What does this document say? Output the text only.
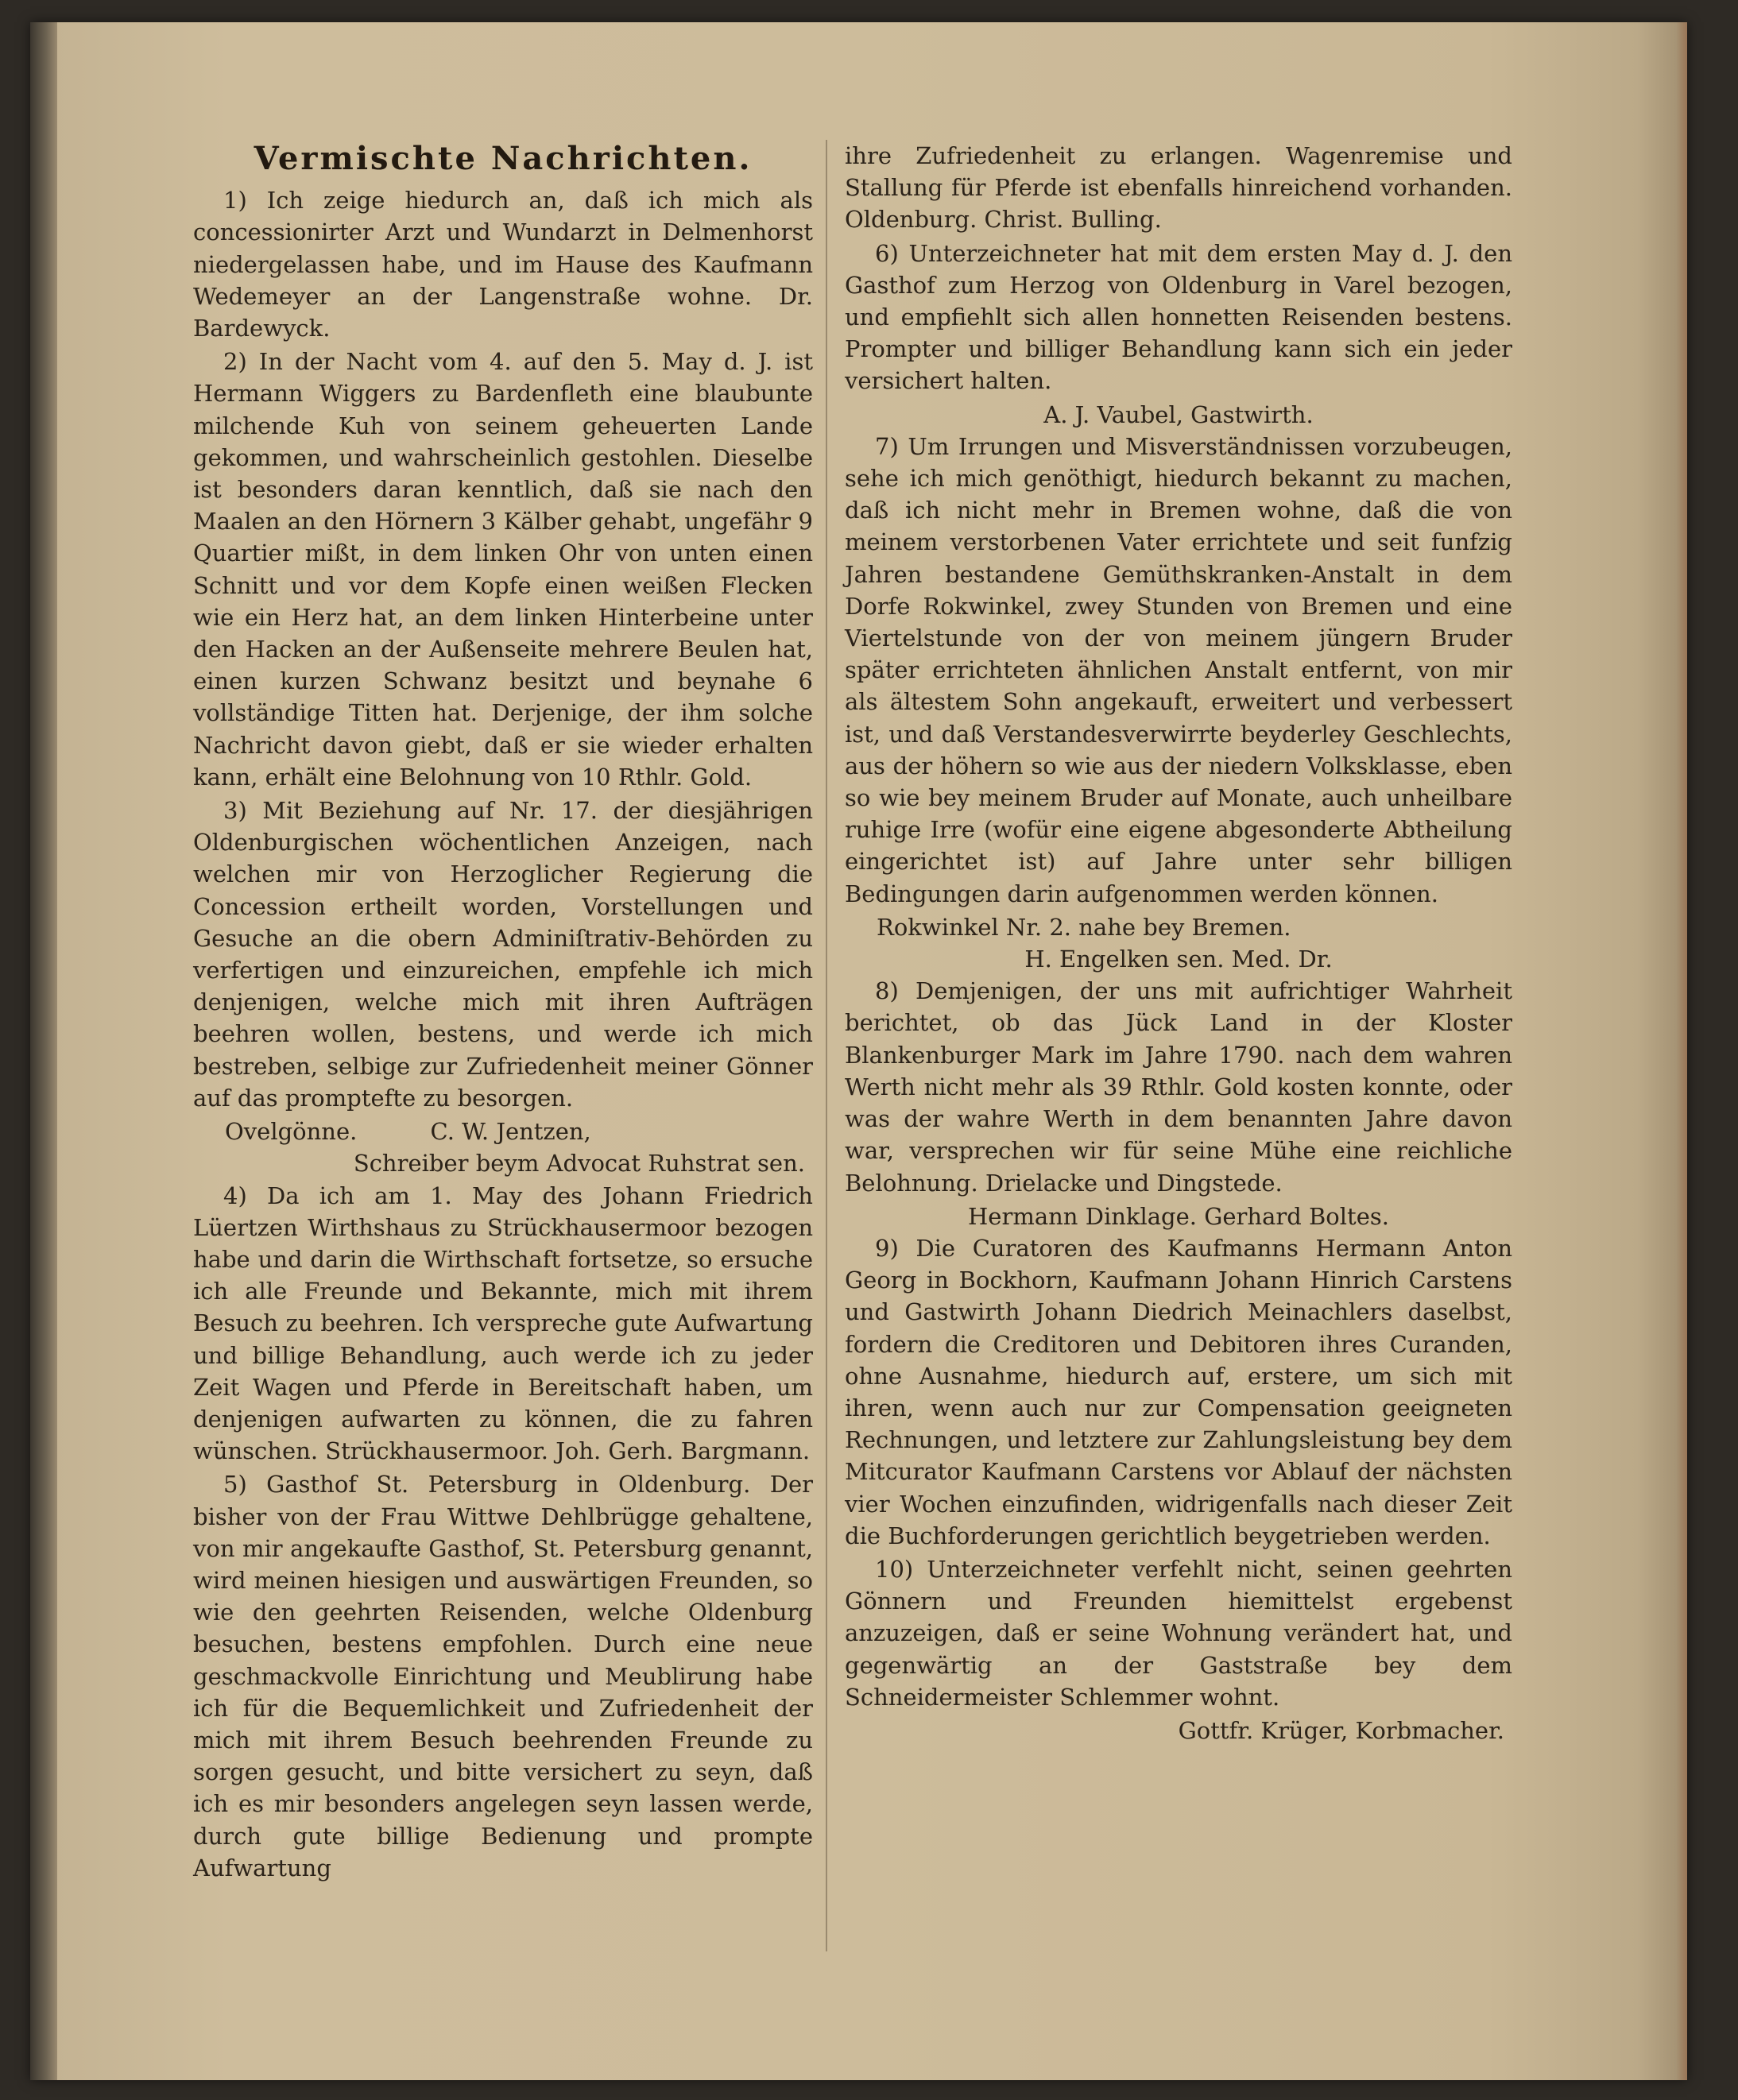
Vermischte Nachrichten.

1) Ich zeige hiedurch an, daß ich mich als concessionirter Arzt und Wundarzt in Delmenhorst niedergelassen habe, und im Hause des Kaufmann Wedemeyer an der Langenstraße wohne. Dr. Bardewyck.

2) In der Nacht vom 4. auf den 5. May d. J. ist Hermann Wiggers zu Bardenfleth eine blaubunte milchende Kuh von seinem geheuerten Lande gekommen, und wahrscheinlich gestohlen. Dieselbe ist besonders daran kenntlich, daß sie nach den Maalen an den Hörnern 3 Kälber gehabt, ungefähr 9 Quartier mißt, in dem linken Ohr von unten einen Schnitt und vor dem Kopfe einen weißen Flecken wie ein Herz hat, an dem linken Hinterbeine unter den Hacken an der Außenseite mehrere Beulen hat, einen kurzen Schwanz besitzt und beynahe 6 vollständige Titten hat. Derjenige, der ihm solche Nachricht davon giebt, daß er sie wieder erhalten kann, erhält eine Belohnung von 10 Rthlr. Gold.

3) Mit Beziehung auf Nr. 17. der diesjährigen Oldenburgischen wöchentlichen Anzeigen, nach welchen mir von Herzoglicher Regierung die Concession ertheilt worden, Vorstellungen und Gesuche an die obern Adminiſtrativ-Behörden zu verfertigen und einzureichen, empfehle ich mich denjenigen, welche mich mit ihren Aufträgen beehren wollen, bestens, und werde ich mich bestreben, selbige zur Zufriedenheit meiner Gönner auf das promptefte zu besorgen.

Ovelgönne.	C. W. Jentzen,

Schreiber beym Advocat Ruhstrat sen.

4) Da ich am 1. May des Johann Friedrich Lüertzen Wirthshaus zu Strückhausermoor bezogen habe und darin die Wirthschaft fortsetze, so ersuche ich alle Freunde und Bekannte, mich mit ihrem Besuch zu beehren. Ich verspreche gute Aufwartung und billige Behandlung, auch werde ich zu jeder Zeit Wagen und Pferde in Bereitschaft haben, um denjenigen aufwarten zu können, die zu fahren wünschen. Strückhausermoor. Joh. Gerh. Bargmann.

5) Gasthof St. Petersburg in Oldenburg. Der bisher von der Frau Wittwe Dehlbrügge gehaltene, von mir angekaufte Gasthof, St. Petersburg genannt, wird meinen hiesigen und auswärtigen Freunden, so wie den geehrten Reisenden, welche Oldenburg besuchen, bestens empfohlen. Durch eine neue geschmackvolle Einrichtung und Meublirung habe ich für die Bequemlichkeit und Zufriedenheit der mich mit ihrem Besuch beehrenden Freunde zu sorgen gesucht, und bitte versichert zu seyn, daß ich es mir besonders angelegen seyn lassen werde, durch gute billige Bedienung und prompte Aufwartung

ihre Zufriedenheit zu erlangen. Wagenremise und Stallung für Pferde ist ebenfalls hinreichend vorhanden. Oldenburg. Christ. Bulling.

6) Unterzeichneter hat mit dem ersten May d. J. den Gasthof zum Herzog von Oldenburg in Varel bezogen, und empfiehlt sich allen honnetten Reisenden bestens. Prompter und billiger Behandlung kann sich ein jeder versichert halten.

A. J. Vaubel, Gastwirth.

7) Um Irrungen und Misverständnissen vorzubeugen, sehe ich mich genöthigt, hiedurch bekannt zu machen, daß ich nicht mehr in Bremen wohne, daß die von meinem verstorbenen Vater errichtete und seit funfzig Jahren bestandene Gemüthskranken-Anstalt in dem Dorfe Rokwinkel, zwey Stunden von Bremen und eine Viertelstunde von der von meinem jüngern Bruder später errichteten ähnlichen Anstalt entfernt, von mir als ältestem Sohn angekauft, erweitert und verbessert ist, und daß Verstandesverwirrte beyderley Geschlechts, aus der höhern so wie aus der niedern Volksklasse, eben so wie bey meinem Bruder auf Monate, auch unheilbare ruhige Irre (wofür eine eigene abgesonderte Abtheilung eingerichtet ist) auf Jahre unter sehr billigen Bedingungen darin aufgenommen werden können.

Rokwinkel Nr. 2. nahe bey Bremen.

H. Engelken sen. Med. Dr.

8) Demjenigen, der uns mit aufrichtiger Wahrheit berichtet, ob das Jück Land in der Kloster Blankenburger Mark im Jahre 1790. nach dem wahren Werth nicht mehr als 39 Rthlr. Gold kosten konnte, oder was der wahre Werth in dem benannten Jahre davon war, versprechen wir für seine Mühe eine reichliche Belohnung. Drielacke und Dingstede.

Hermann Dinklage. Gerhard Boltes.

9) Die Curatoren des Kaufmanns Hermann Anton Georg in Bockhorn, Kaufmann Johann Hinrich Carstens und Gastwirth Johann Diedrich Meinachlers daselbst, fordern die Creditoren und Debitoren ihres Curanden, ohne Ausnahme, hiedurch auf, erstere, um sich mit ihren, wenn auch nur zur Compensation geeigneten Rechnungen, und letztere zur Zahlungsleistung bey dem Mitcurator Kaufmann Carstens vor Ablauf der nächsten vier Wochen einzufinden, widrigenfalls nach dieser Zeit die Buchforderungen gerichtlich beygetrieben werden.

10) Unterzeichneter verfehlt nicht, seinen geehrten Gönnern und Freunden hiemittelst ergebenst anzuzeigen, daß er seine Wohnung verändert hat, und gegenwärtig an der Gaststraße bey dem Schneidermeister Schlemmer wohnt.

Gottfr. Krüger, Korbmacher.
